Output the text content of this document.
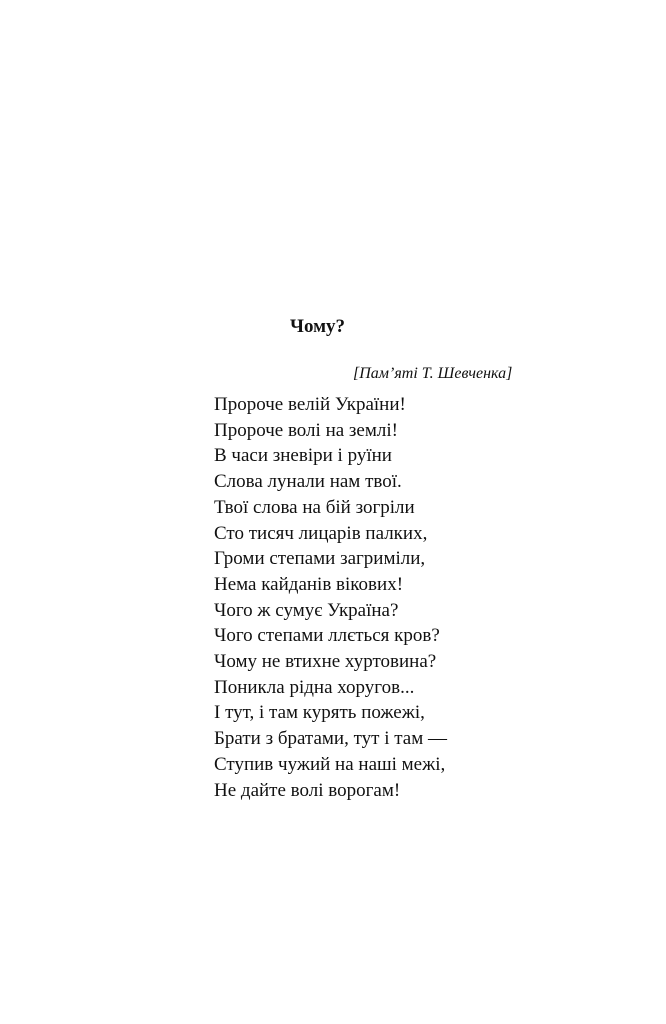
Чому?
[Пам’яті Т. Шевченка]
Пророче велій України!
Пророче волі на землі!
В часи зневіри і руїни
Слова лунали нам твої.
Твої слова на бій зогріли
Сто тисяч лицарів палких,
Громи степами загриміли,
Нема кайданів вікових!
Чого ж сумує Україна?
Чого степами ллється кров?
Чому не втихне хуртовина?
Поникла рідна хоругов...
І тут, і там курять пожежі,
Брати з братами, тут і там —
Ступив чужий на наші межі,
Не дайте волі ворогам!
